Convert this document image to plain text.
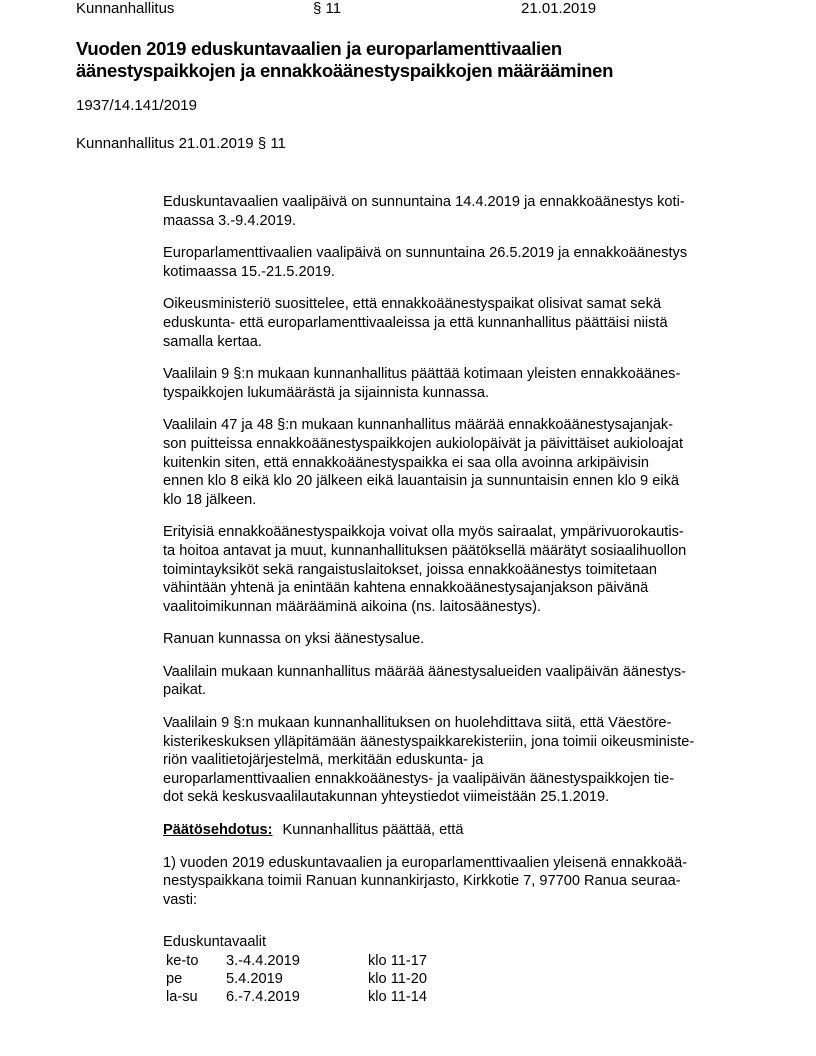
Kunnanhallitus	§ 11	21.01.2019
Vuoden 2019 eduskuntavaalien ja europarlamenttivaalien
äänestyspaikkojen ja ennakkoäänestyspaikkojen määrääminen
1937/14.141/2019
Kunnanhallitus 21.01.2019 § 11

Eduskuntavaalien vaalipäivä on sunnuntaina 14.4.2019 ja ennakkoäänestys koti-
maassa 3.-9.4.2019.

Europarlamenttivaalien vaalipäivä on sunnuntaina 26.5.2019 ja ennakkoäänestys
kotimaassa 15.-21.5.2019.

Oikeusministeriö suosittelee, että ennakkoäänestyspaikat olisivat samat sekä
eduskunta- että europarlamenttivaaleissa ja että kunnanhallitus päättäisi niistä
samalla kertaa.

Vaalilain 9 §:n mukaan kunnanhallitus päättää kotimaan yleisten ennakkoäänes-
tyspaikkojen lukumäärästä ja sijainnista kunnassa.

Vaalilain 47 ja 48 §:n mukaan kunnanhallitus määrää ennakkoäänestysajanjak-
son puitteissa ennakkoäänestyspaikkojen aukiolopäivät ja päivittäiset aukioloajat
kuitenkin siten, että ennakkoäänestyspaikka ei saa olla avoinna arkipäivisin
ennen klo 8 eikä klo 20 jälkeen eikä lauantaisin ja sunnuntaisin ennen klo 9 eikä
klo 18 jälkeen.

Erityisiä ennakkoäänestyspaikkoja voivat olla myös sairaalat, ympärivuorokautis-
ta hoitoa antavat ja muut, kunnanhallituksen päätöksellä määrätyt sosiaalihuollon
toimintayksiköt sekä rangaistuslaitokset, joissa ennakkoäänestys toimitetaan
vähintään yhtenä ja enintään kahtena ennakkoäänestysajanjakson päivänä
vaalitoimikunnan määrääminä aikoina (ns. laitosäänestys).

Ranuan kunnassa on yksi äänestysalue.

Vaalilain mukaan kunnanhallitus määrää äänestysalueiden vaalipäivän äänestys-
paikat.

Vaalilain 9 §:n mukaan kunnanhallituksen on huolehdittava siitä, että Väestöre-
kisterikeskuksen ylläpitämään äänestyspaikkarekisteriin, jona toimii oikeusministe-
riön vaalitietojärjestelmä, merkitään eduskunta- ja
europarlamenttivaalien ennakkoäänestys- ja vaalipäivän äänestyspaikkojen tie-
dot sekä keskusvaalilautakunnan yhteystiedot viimeistään 25.1.2019.

Päätösehdotus: Kunnanhallitus päättää, että

1) vuoden 2019 eduskuntavaalien ja europarlamenttivaalien yleisenä ennakkoää-
nestyspaikkana toimii Ranuan kunnankirjasto, Kirkkotie 7, 97700 Ranua seuraa-
vasti:

Eduskuntavaalit
ke-to	3.-4.4.2019	klo 11-17
pe	5.4.2019	klo 11-20
la-su	6.-7.4.2019	klo 11-14
